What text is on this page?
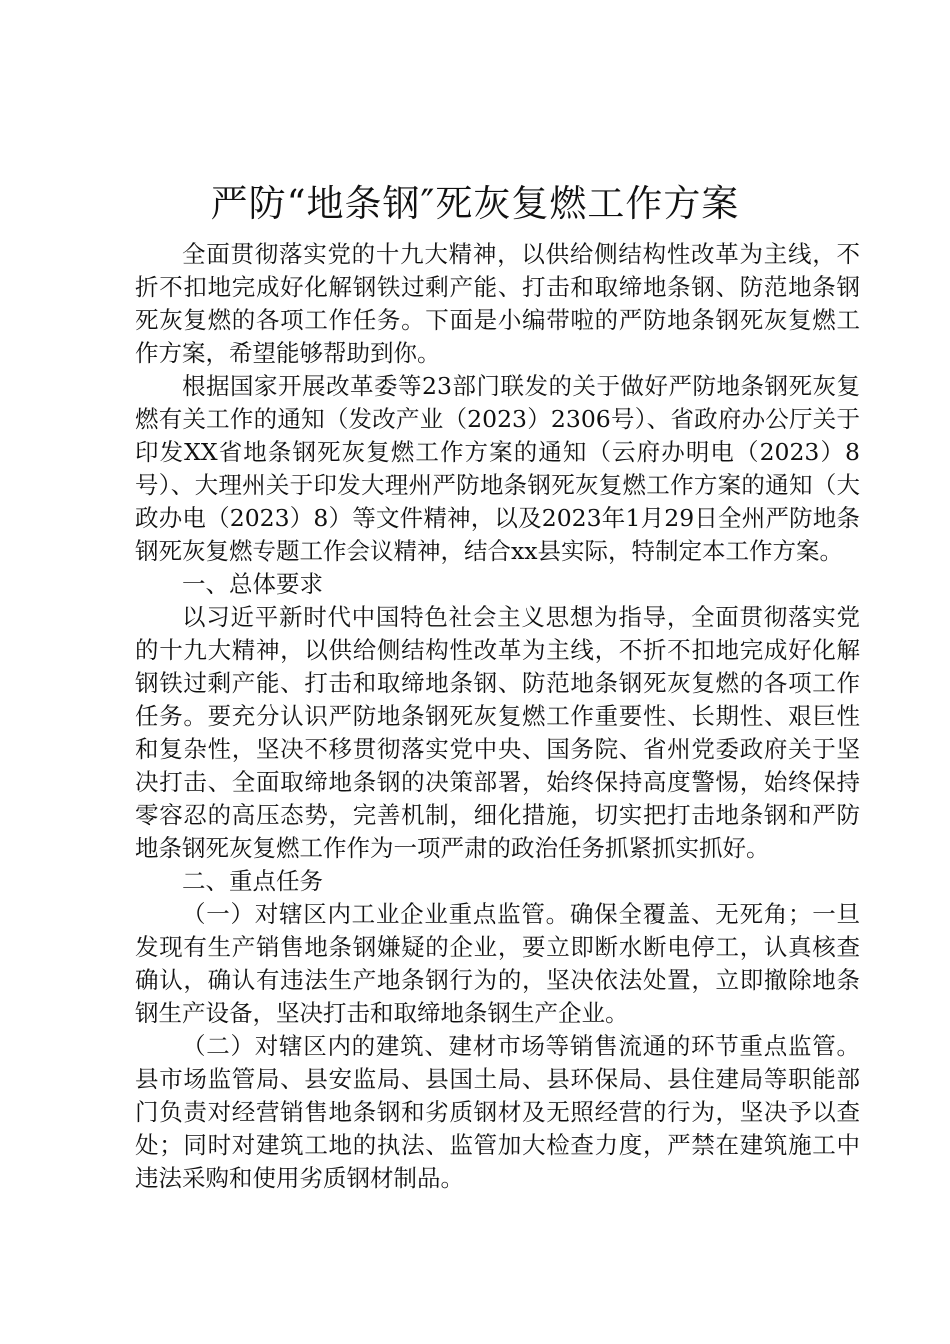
严防“地条钢″死灰复燃工作方案

全面贯彻落实党的十九大精神，以供给侧结构性改革为主线，不折不扣地完成好化解钢铁过剩产能、打击和取缔地条钢、防范地条钢死灰复燃的各项工作任务。下面是小编带啦的严防地条钢死灰复燃工作方案，希望能够帮助到你。

根据国家开展改革委等23部门联发的关于做好严防地条钢死灰复燃有关工作的通知（发改产业（2023）2306号）、省政府办公厅关于印发XX省地条钢死灰复燃工作方案的通知（云府办明电（2023）8号）、大理州关于印发大理州严防地条钢死灰复燃工作方案的通知（大政办电（2023）8）等文件精神，以及2023年1月29日全州严防地条钢死灰复燃专题工作会议精神，结合xx县实际，特制定本工作方案。

一、总体要求

以习近平新时代中国特色社会主义思想为指导，全面贯彻落实党的十九大精神，以供给侧结构性改革为主线，不折不扣地完成好化解钢铁过剩产能、打击和取缔地条钢、防范地条钢死灰复燃的各项工作任务。要充分认识严防地条钢死灰复燃工作重要性、长期性、艰巨性和复杂性，坚决不移贯彻落实党中央、国务院、省州党委政府关于坚决打击、全面取缔地条钢的决策部署，始终保持高度警惕，始终保持零容忍的高压态势，完善机制，细化措施，切实把打击地条钢和严防地条钢死灰复燃工作作为一项严肃的政治任务抓紧抓实抓好。

二、重点任务

（一）对辖区内工业企业重点监管。确保全覆盖、无死角；一旦发现有生产销售地条钢嫌疑的企业，要立即断水断电停工，认真核查确认，确认有违法生产地条钢行为的，坚决依法处置，立即撤除地条钢生产设备，坚决打击和取缔地条钢生产企业。

（二）对辖区内的建筑、建材市场等销售流通的环节重点监管。县市场监管局、县安监局、县国土局、县环保局、县住建局等职能部门负责对经营销售地条钢和劣质钢材及无照经营的行为，坚决予以查处；同时对建筑工地的执法、监管加大检查力度，严禁在建筑施工中违法采购和使用劣质钢材制品。
